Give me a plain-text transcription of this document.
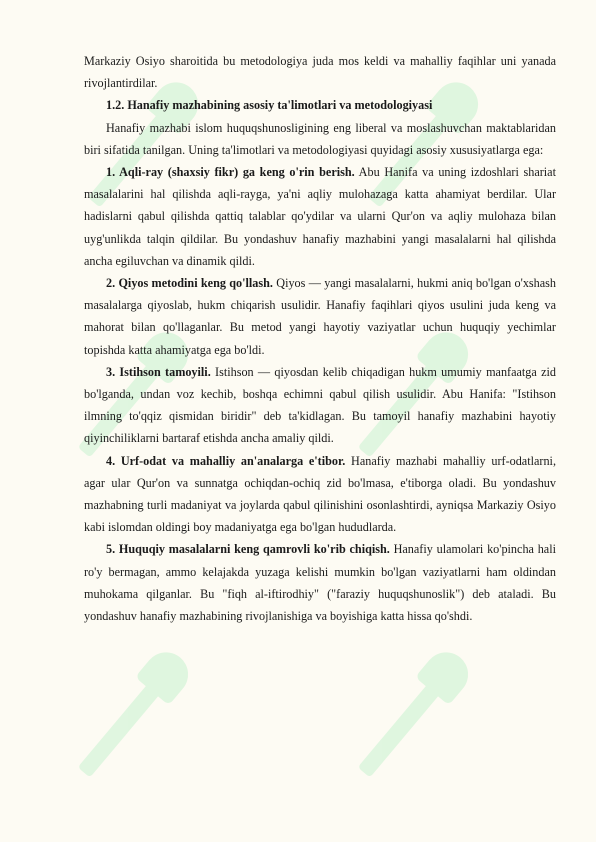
Markaziy Osiyo sharoitida bu metodologiya juda mos keldi va mahalliy faqihlar uni yanada rivojlantirdilar.

1.2. Hanafiy mazhabining asosiy ta'limotlari va metodologiyasi

Hanafiy mazhabi islom huquqshunosligining eng liberal va moslashuvchan maktablaridan biri sifatida tanilgan. Uning ta'limotlari va metodologiyasi quyidagi asosiy xususiyatlarga ega:

1. Aqli-ray (shaxsiy fikr) ga keng o'rin berish. Abu Hanifa va uning izdoshlari shariat masalalarini hal qilishda aqli-rayga, ya'ni aqliy mulohazaga katta ahamiyat berdilar. Ular hadislarni qabul qilishda qattiq talablar qo'ydilar va ularni Qur'on va aqliy mulohaza bilan uyg'unlikda talqin qildilar. Bu yondashuv hanafiy mazhabini yangi masalalarni hal qilishda ancha egiluvchan va dinamik qildi.

2. Qiyos metodini keng qo'llash. Qiyos — yangi masalalarni, hukmi aniq bo'lgan o'xshash masalalarga qiyoslab, hukm chiqarish usulidir. Hanafiy faqihlari qiyos usulini juda keng va mahorat bilan qo'llaganlar. Bu metod yangi hayotiy vaziyatlar uchun huquqiy yechimlar topishda katta ahamiyatga ega bo'ldi.

3. Istihson tamoyili. Istihson — qiyosdan kelib chiqadigan hukm umumiy manfaatga zid bo'lganda, undan voz kechib, boshqa echimni qabul qilish usulidir. Abu Hanifa: "Istihson ilmning to'qqiz qismidan biridir" deb ta'kidlagan. Bu tamoyil hanafiy mazhabini hayotiy qiyinchiliklarni bartaraf etishda ancha amaliy qildi.

4. Urf-odat va mahalliy an'analarga e'tibor. Hanafiy mazhabi mahalliy urf-odatlarni, agar ular Qur'on va sunnatga ochiqdan-ochiq zid bo'lmasa, e'tiborga oladi. Bu yondashuv mazhabning turli madaniyat va joylarda qabul qilinishini osonlashtirdi, ayniqsa Markaziy Osiyo kabi islomdan oldingi boy madaniyatga ega bo'lgan hududlarda.

5. Huquqiy masalalarni keng qamrovli ko'rib chiqish. Hanafiy ulamolari ko'pincha hali ro'y bermagan, ammo kelajakda yuzaga kelishi mumkin bo'lgan vaziyatlarni ham oldindan muhokama qilganlar. Bu "fiqh al-iftirodhiy" ("faraziy huquqshunoslik") deb ataladi. Bu yondashuv hanafiy mazhabining rivojlanishiga va boyishiga katta hissa qo'shdi.
